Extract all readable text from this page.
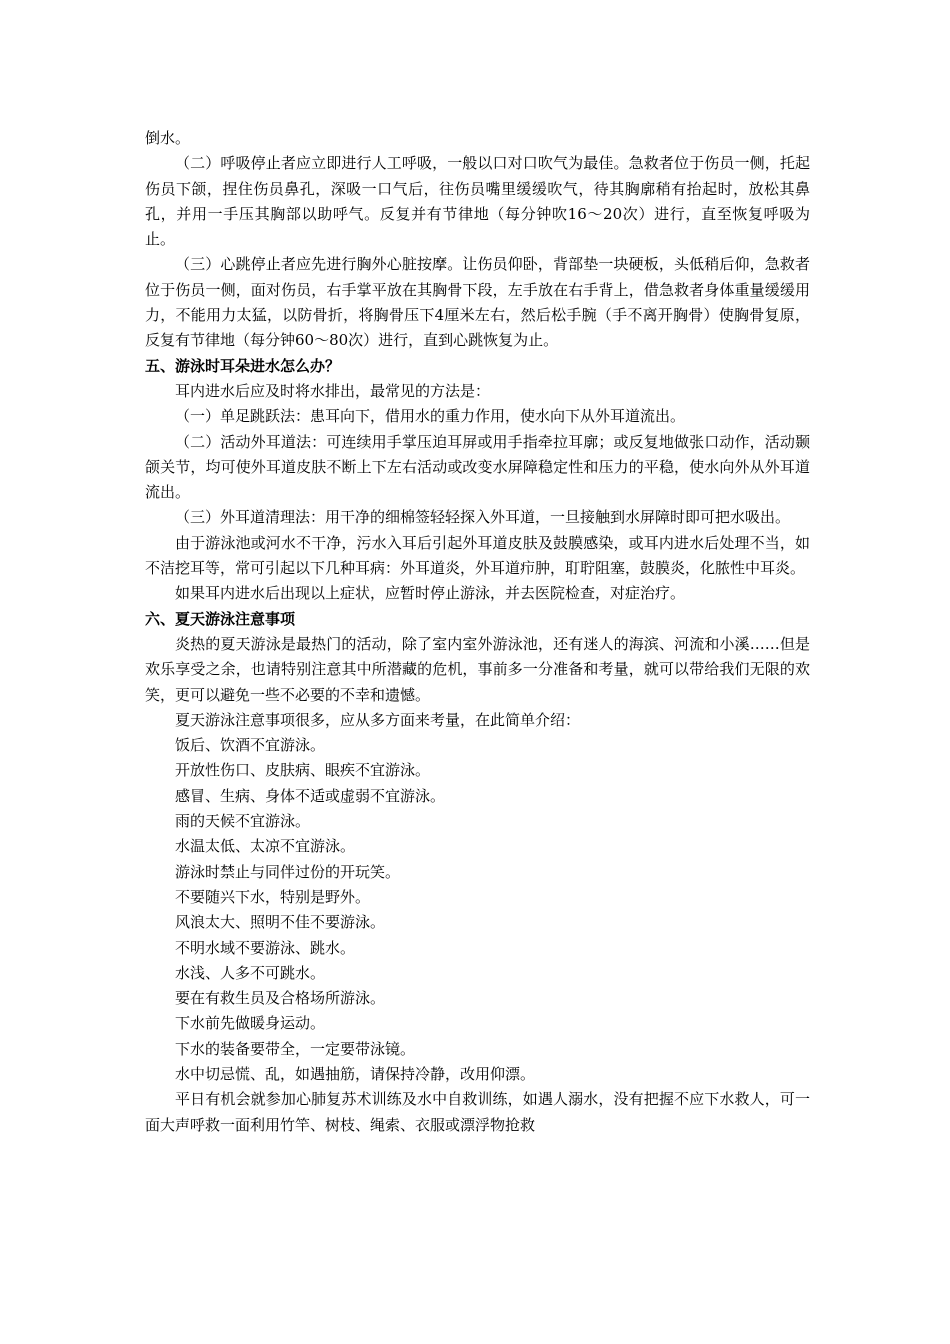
倒水。

（二）呼吸停止者应立即进行人工呼吸，一般以口对口吹气为最佳。急救者位于伤员一侧，托起伤员下颌，捏住伤员鼻孔，深吸一口气后，往伤员嘴里缓缓吹气，待其胸廓稍有抬起时，放松其鼻孔，并用一手压其胸部以助呼气。反复并有节律地（每分钟吹16～20次）进行，直至恢复呼吸为止。

（三）心跳停止者应先进行胸外心脏按摩。让伤员仰卧，背部垫一块硬板，头低稍后仰，急救者位于伤员一侧，面对伤员，右手掌平放在其胸骨下段，左手放在右手背上，借急救者身体重量缓缓用力，不能用力太猛，以防骨折，将胸骨压下4厘米左右，然后松手腕（手不离开胸骨）使胸骨复原，反复有节律地（每分钟60～80次）进行，直到心跳恢复为止。

五、游泳时耳朵进水怎么办？

耳内进水后应及时将水排出，最常见的方法是：

（一）单足跳跃法：患耳向下，借用水的重力作用，使水向下从外耳道流出。

（二）活动外耳道法：可连续用手掌压迫耳屏或用手指牵拉耳廓；或反复地做张口动作，活动颞颌关节，均可使外耳道皮肤不断上下左右活动或改变水屏障稳定性和压力的平稳，使水向外从外耳道流出。

（三）外耳道清理法：用干净的细棉签轻轻探入外耳道，一旦接触到水屏障时即可把水吸出。

由于游泳池或河水不干净，污水入耳后引起外耳道皮肤及鼓膜感染，或耳内进水后处理不当，如不洁挖耳等，常可引起以下几种耳病：外耳道炎，外耳道疖肿，耵聍阻塞，鼓膜炎，化脓性中耳炎。

如果耳内进水后出现以上症状，应暂时停止游泳，并去医院检查，对症治疗。

六、夏天游泳注意事项

炎热的夏天游泳是最热门的活动，除了室内室外游泳池，还有迷人的海滨、河流和小溪……但是欢乐享受之余，也请特别注意其中所潜藏的危机，事前多一分准备和考量，就可以带给我们无限的欢笑，更可以避免一些不必要的不幸和遗憾。

夏天游泳注意事项很多，应从多方面来考量，在此简单介绍：

饭后、饮酒不宜游泳。

开放性伤口、皮肤病、眼疾不宜游泳。

感冒、生病、身体不适或虚弱不宜游泳。

雨的天候不宜游泳。

水温太低、太凉不宜游泳。

游泳时禁止与同伴过份的开玩笑。

不要随兴下水，特别是野外。

风浪太大、照明不佳不要游泳。

不明水域不要游泳、跳水。

水浅、人多不可跳水。

要在有救生员及合格场所游泳。

下水前先做暖身运动。

下水的装备要带全，一定要带泳镜。

水中切忌慌、乱，如遇抽筋，请保持冷静，改用仰漂。

平日有机会就参加心肺复苏术训练及水中自救训练，如遇人溺水，没有把握不应下水救人，可一面大声呼救一面利用竹竿、树枝、绳索、衣服或漂浮物抢救
